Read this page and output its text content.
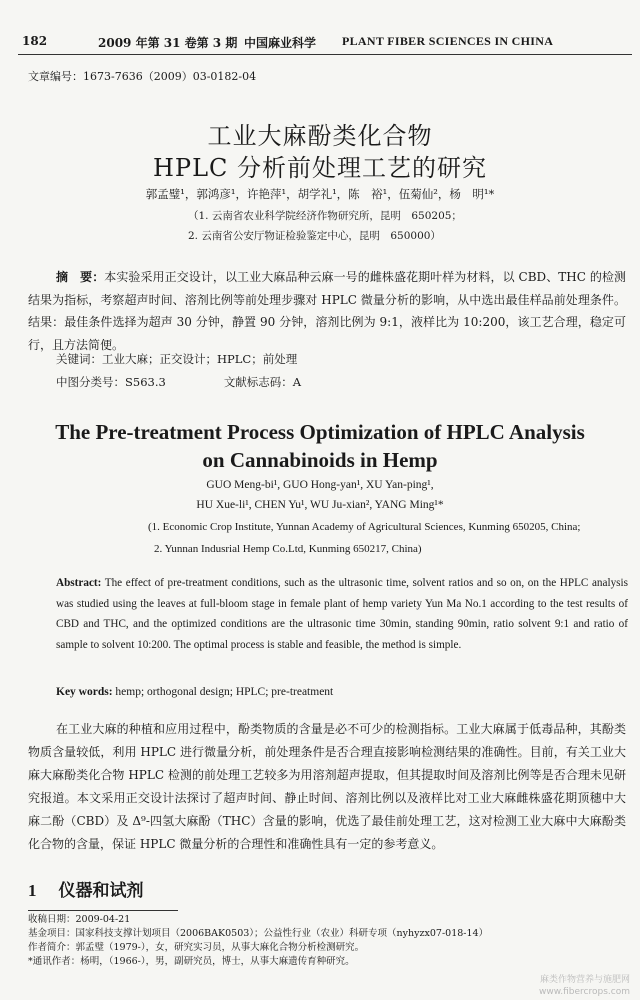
182	2009 年第 31 卷第 3 期 中国麻业科学 PLANT FIBER SCIENCES IN CHINA
文章编号：1673-7636（2009）03-0182-04
工业大麻酚类化合物
HPLC 分析前处理工艺的研究
郭孟璧¹，郭鸿彦¹，许艳萍¹，胡学礼¹，陈　裕¹，伍菊仙²，杨　明¹*
（1. 云南省农业科学院经济作物研究所，昆明　650205；
2. 云南省公安厅物证检验鉴定中心，昆明　650000）
摘　要：本实验采用正交设计，以工业大麻品种云麻一号的雌株盛花期叶样为材料，以 CBD、THC 的检测结果为指标，考察超声时间、溶剂比例等前处理步骤对 HPLC 微量分析的影响，从中选出最佳样品前处理条件。结果：最佳条件选择为超声 30 分钟，静置 90 分钟，溶剂比例为 9:1，液样比为 10:200，该工艺合理，稳定可行，且方法简便。
关键词：工业大麻；正交设计；HPLC；前处理
中图分类号：S563.3	文献标志码：A
The Pre-treatment Process Optimization of HPLC Analysis
on Cannabinoids in Hemp
GUO Meng-bi¹, GUO Hong-yan¹, XU Yan-ping¹,
HU Xue-li¹, CHEN Yu¹, WU Ju-xian², YANG Ming¹*
(1. Economic Crop Institute, Yunnan Academy of Agricultural Sciences, Kunming 650205, China;
2. Yunnan Indusrial Hemp Co.Ltd, Kunming 650217, China)
Abstract: The effect of pre-treatment conditions, such as the ultrasonic time, solvent ratios and so on, on the HPLC analysis was studied using the leaves at full-bloom stage in female plant of hemp variety Yun Ma No.1 according to the test results of CBD and THC, and the optimized conditions are the ultrasonic time 30min, standing 90min, ratio solvent 9:1 and ratio of sample to solvent 10:200. The optimal process is stable and feasible, the method is simple.
Key words: hemp; orthogonal design; HPLC; pre-treatment
在工业大麻的种植和应用过程中，酚类物质的含量是必不可少的检测指标。工业大麻属于低毒品种，其酚类物质含量较低，利用 HPLC 进行微量分析，前处理条件是否合理直接影响检测结果的准确性。目前，有关工业大麻大麻酚类化合物 HPLC 检测的前处理工艺较多为用溶剂超声提取，但其提取时间及溶剂比例等是否合理未见研究报道。本文采用正交设计法探讨了超声时间、静止时间、溶剂比例以及液样比对工业大麻雌株盛花期顶穗中大麻二酚（CBD）及 Δ⁹-四氢大麻酚（THC）含量的影响，优选了最佳前处理工艺，这对检测工业大麻中大麻酚类化合物的含量，保证 HPLC 微量分析的合理性和准确性具有一定的参考意义。
1 仪器和试剂
收稿日期：2009-04-21
基金项目：国家科技支撑计划项目（2006BAK0503）；公益性行业（农业）科研专项（nyhyzx07-018-14）
作者简介：郭孟璧（1979-），女，研究实习员，从事大麻化合物分析检测研究。
*通讯作者：杨明，（1966-），男，副研究员，博士，从事大麻遗传育种研究。
麻类作物营养与施肥网
www.fibercrops.com
